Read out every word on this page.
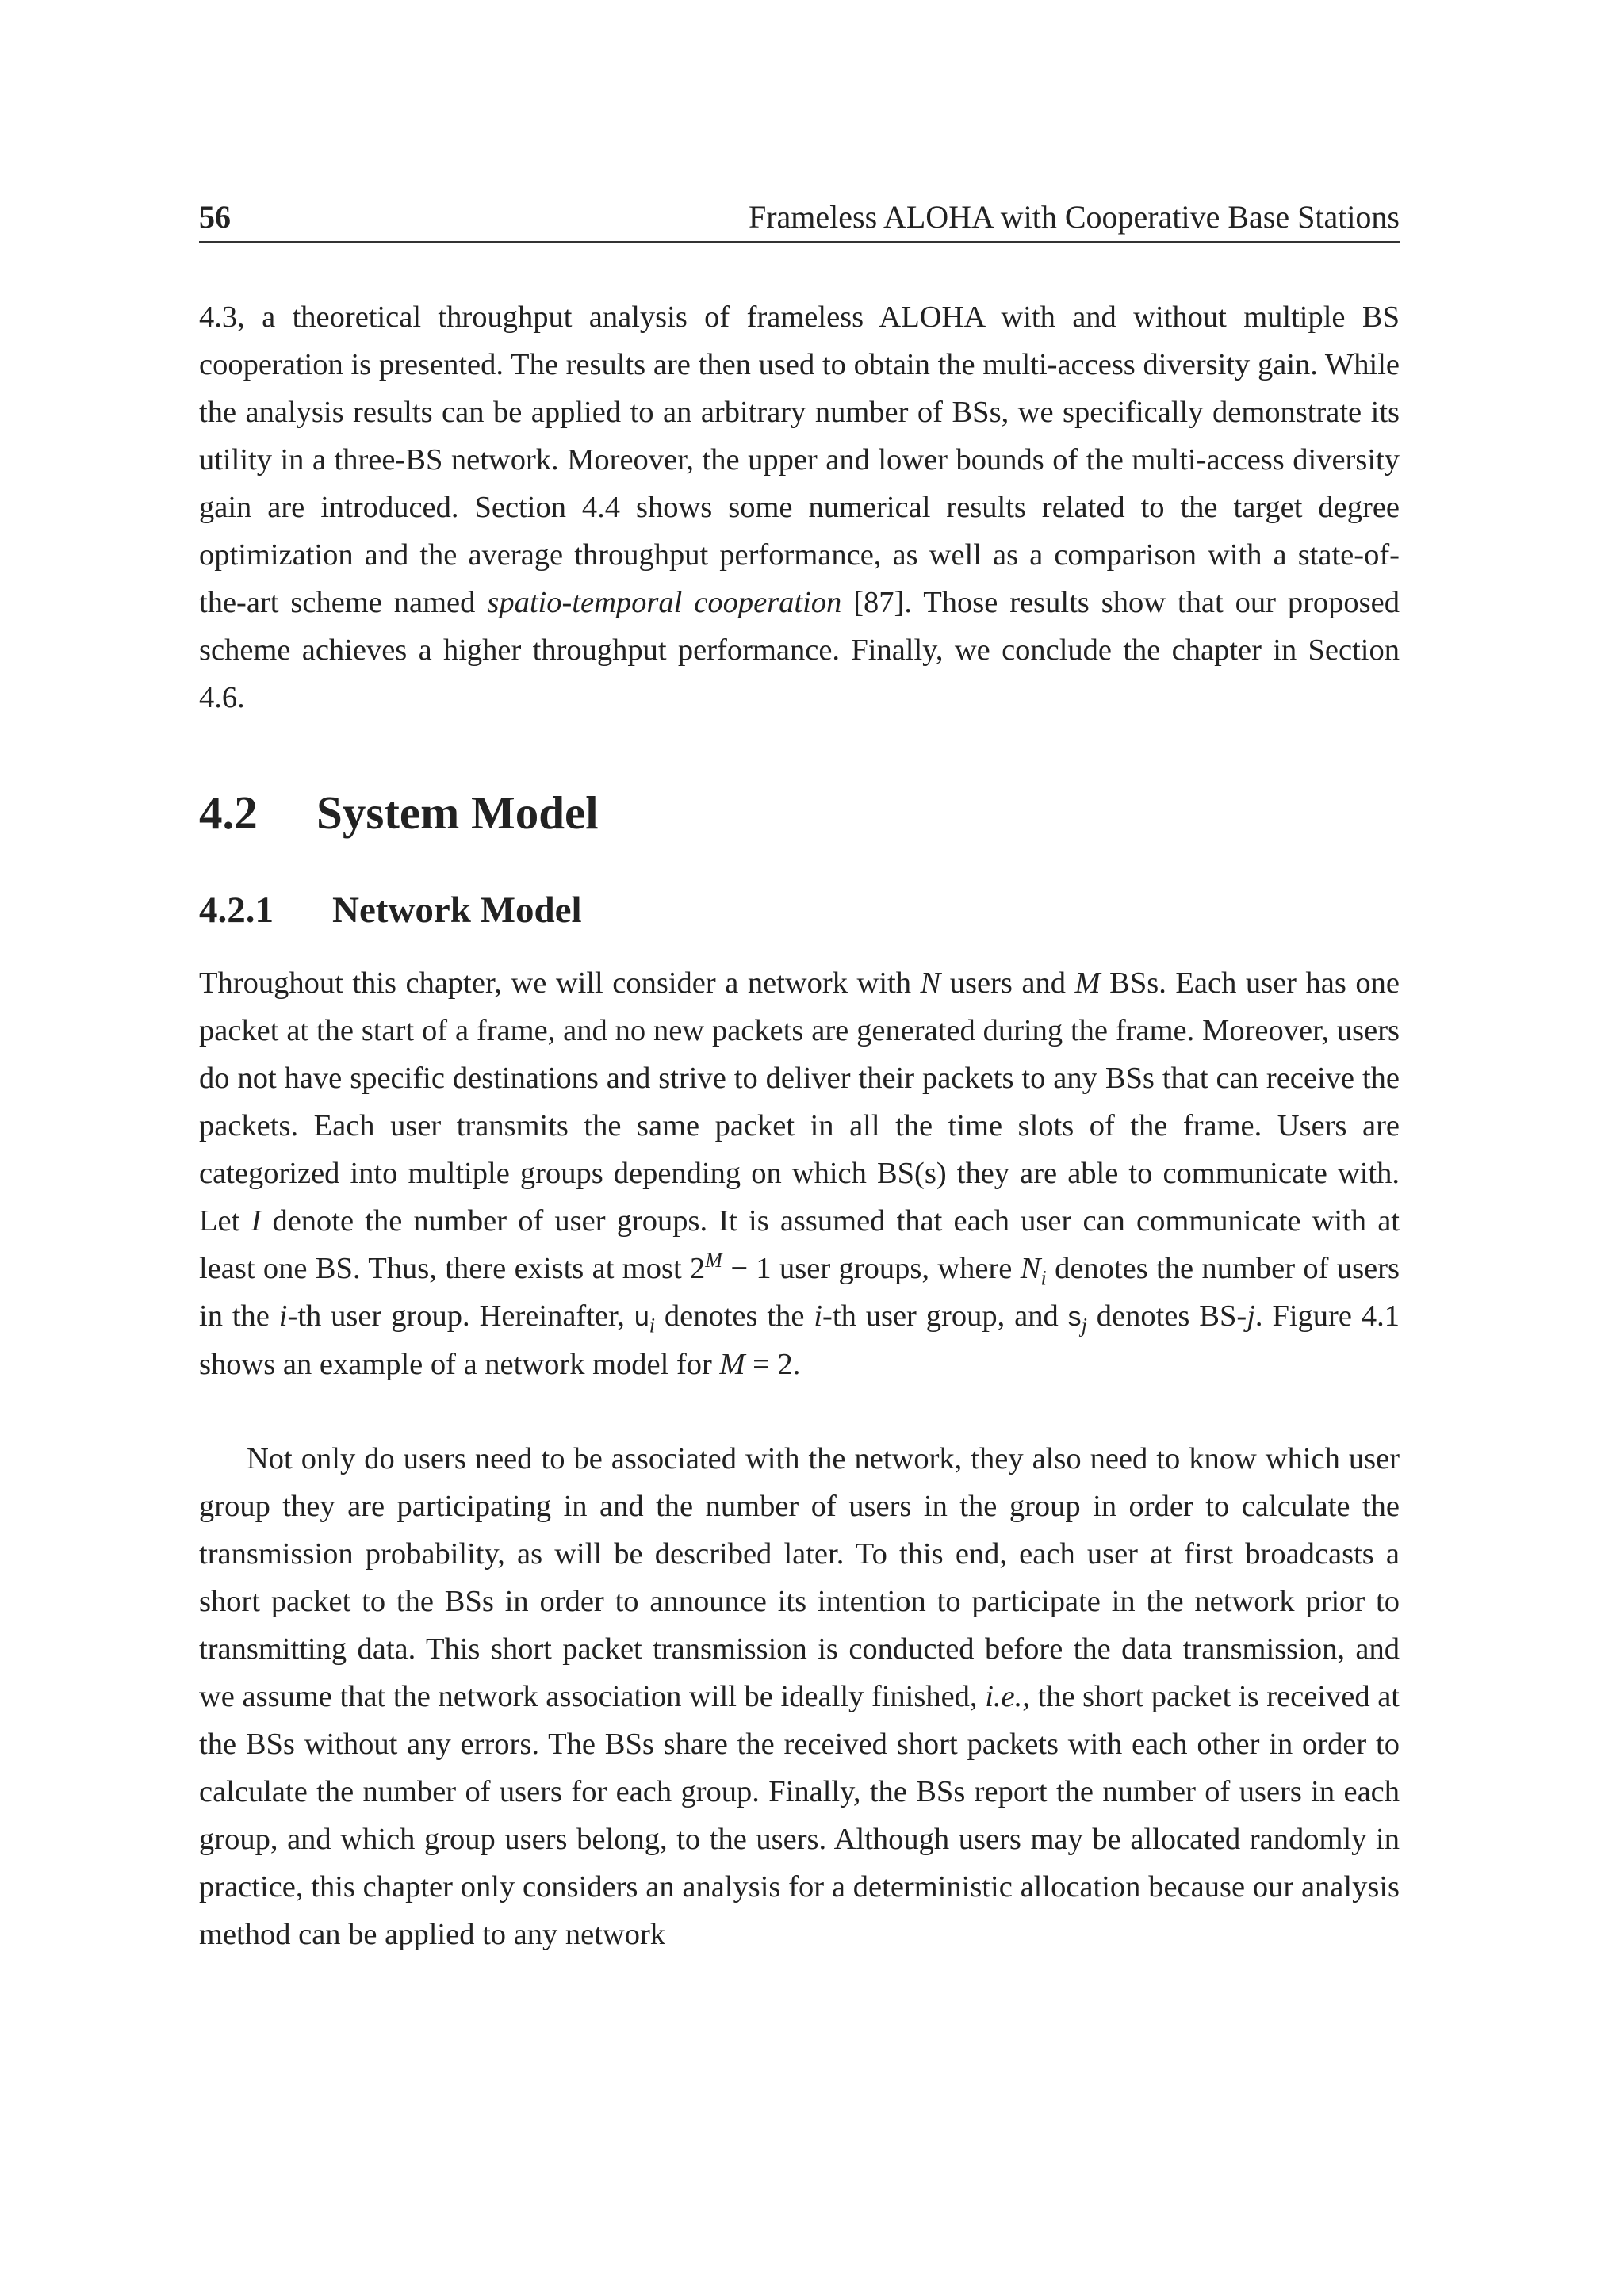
56	Frameless ALOHA with Cooperative Base Stations

4.3, a theoretical throughput analysis of frameless ALOHA with and without multiple BS cooperation is presented. The results are then used to obtain the multi-access diversity gain. While the analysis results can be applied to an arbitrary number of BSs, we specifically demonstrate its utility in a three-BS network. Moreover, the upper and lower bounds of the multi-access diversity gain are introduced. Section 4.4 shows some numerical results related to the target degree optimization and the average throughput performance, as well as a comparison with a state-of-the-art scheme named spatio-temporal cooperation [87]. Those results show that our proposed scheme achieves a higher throughput performance. Finally, we conclude the chapter in Section 4.6.

4.2 System Model
4.2.1 Network Model

Throughout this chapter, we will consider a network with N users and M BSs. Each user has one packet at the start of a frame, and no new packets are generated during the frame. Moreover, users do not have specific destinations and strive to deliver their packets to any BSs that can receive the packets. Each user transmits the same packet in all the time slots of the frame. Users are categorized into multiple groups depending on which BS(s) they are able to communicate with. Let I denote the number of user groups. It is assumed that each user can communicate with at least one BS. Thus, there exists at most $2^M - 1$ user groups, where $N_i$ denotes the number of users in the i-th user group. Hereinafter, $u_i$ denotes the i-th user group, and $s_j$ denotes BS-j. Figure 4.1 shows an example of a network model for M = 2.

Not only do users need to be associated with the network, they also need to know which user group they are participating in and the number of users in the group in order to calculate the transmission probability, as will be described later. To this end, each user at first broadcasts a short packet to the BSs in order to announce its intention to participate in the network prior to transmitting data. This short packet transmission is conducted before the data transmission, and we assume that the network association will be ideally finished, i.e., the short packet is received at the BSs without any errors. The BSs share the received short packets with each other in order to calculate the number of users for each group. Finally, the BSs report the number of users in each group, and which group users belong, to the users. Although users may be allocated randomly in practice, this chapter only considers an analysis for a deterministic allocation because our analysis method can be applied to any network
